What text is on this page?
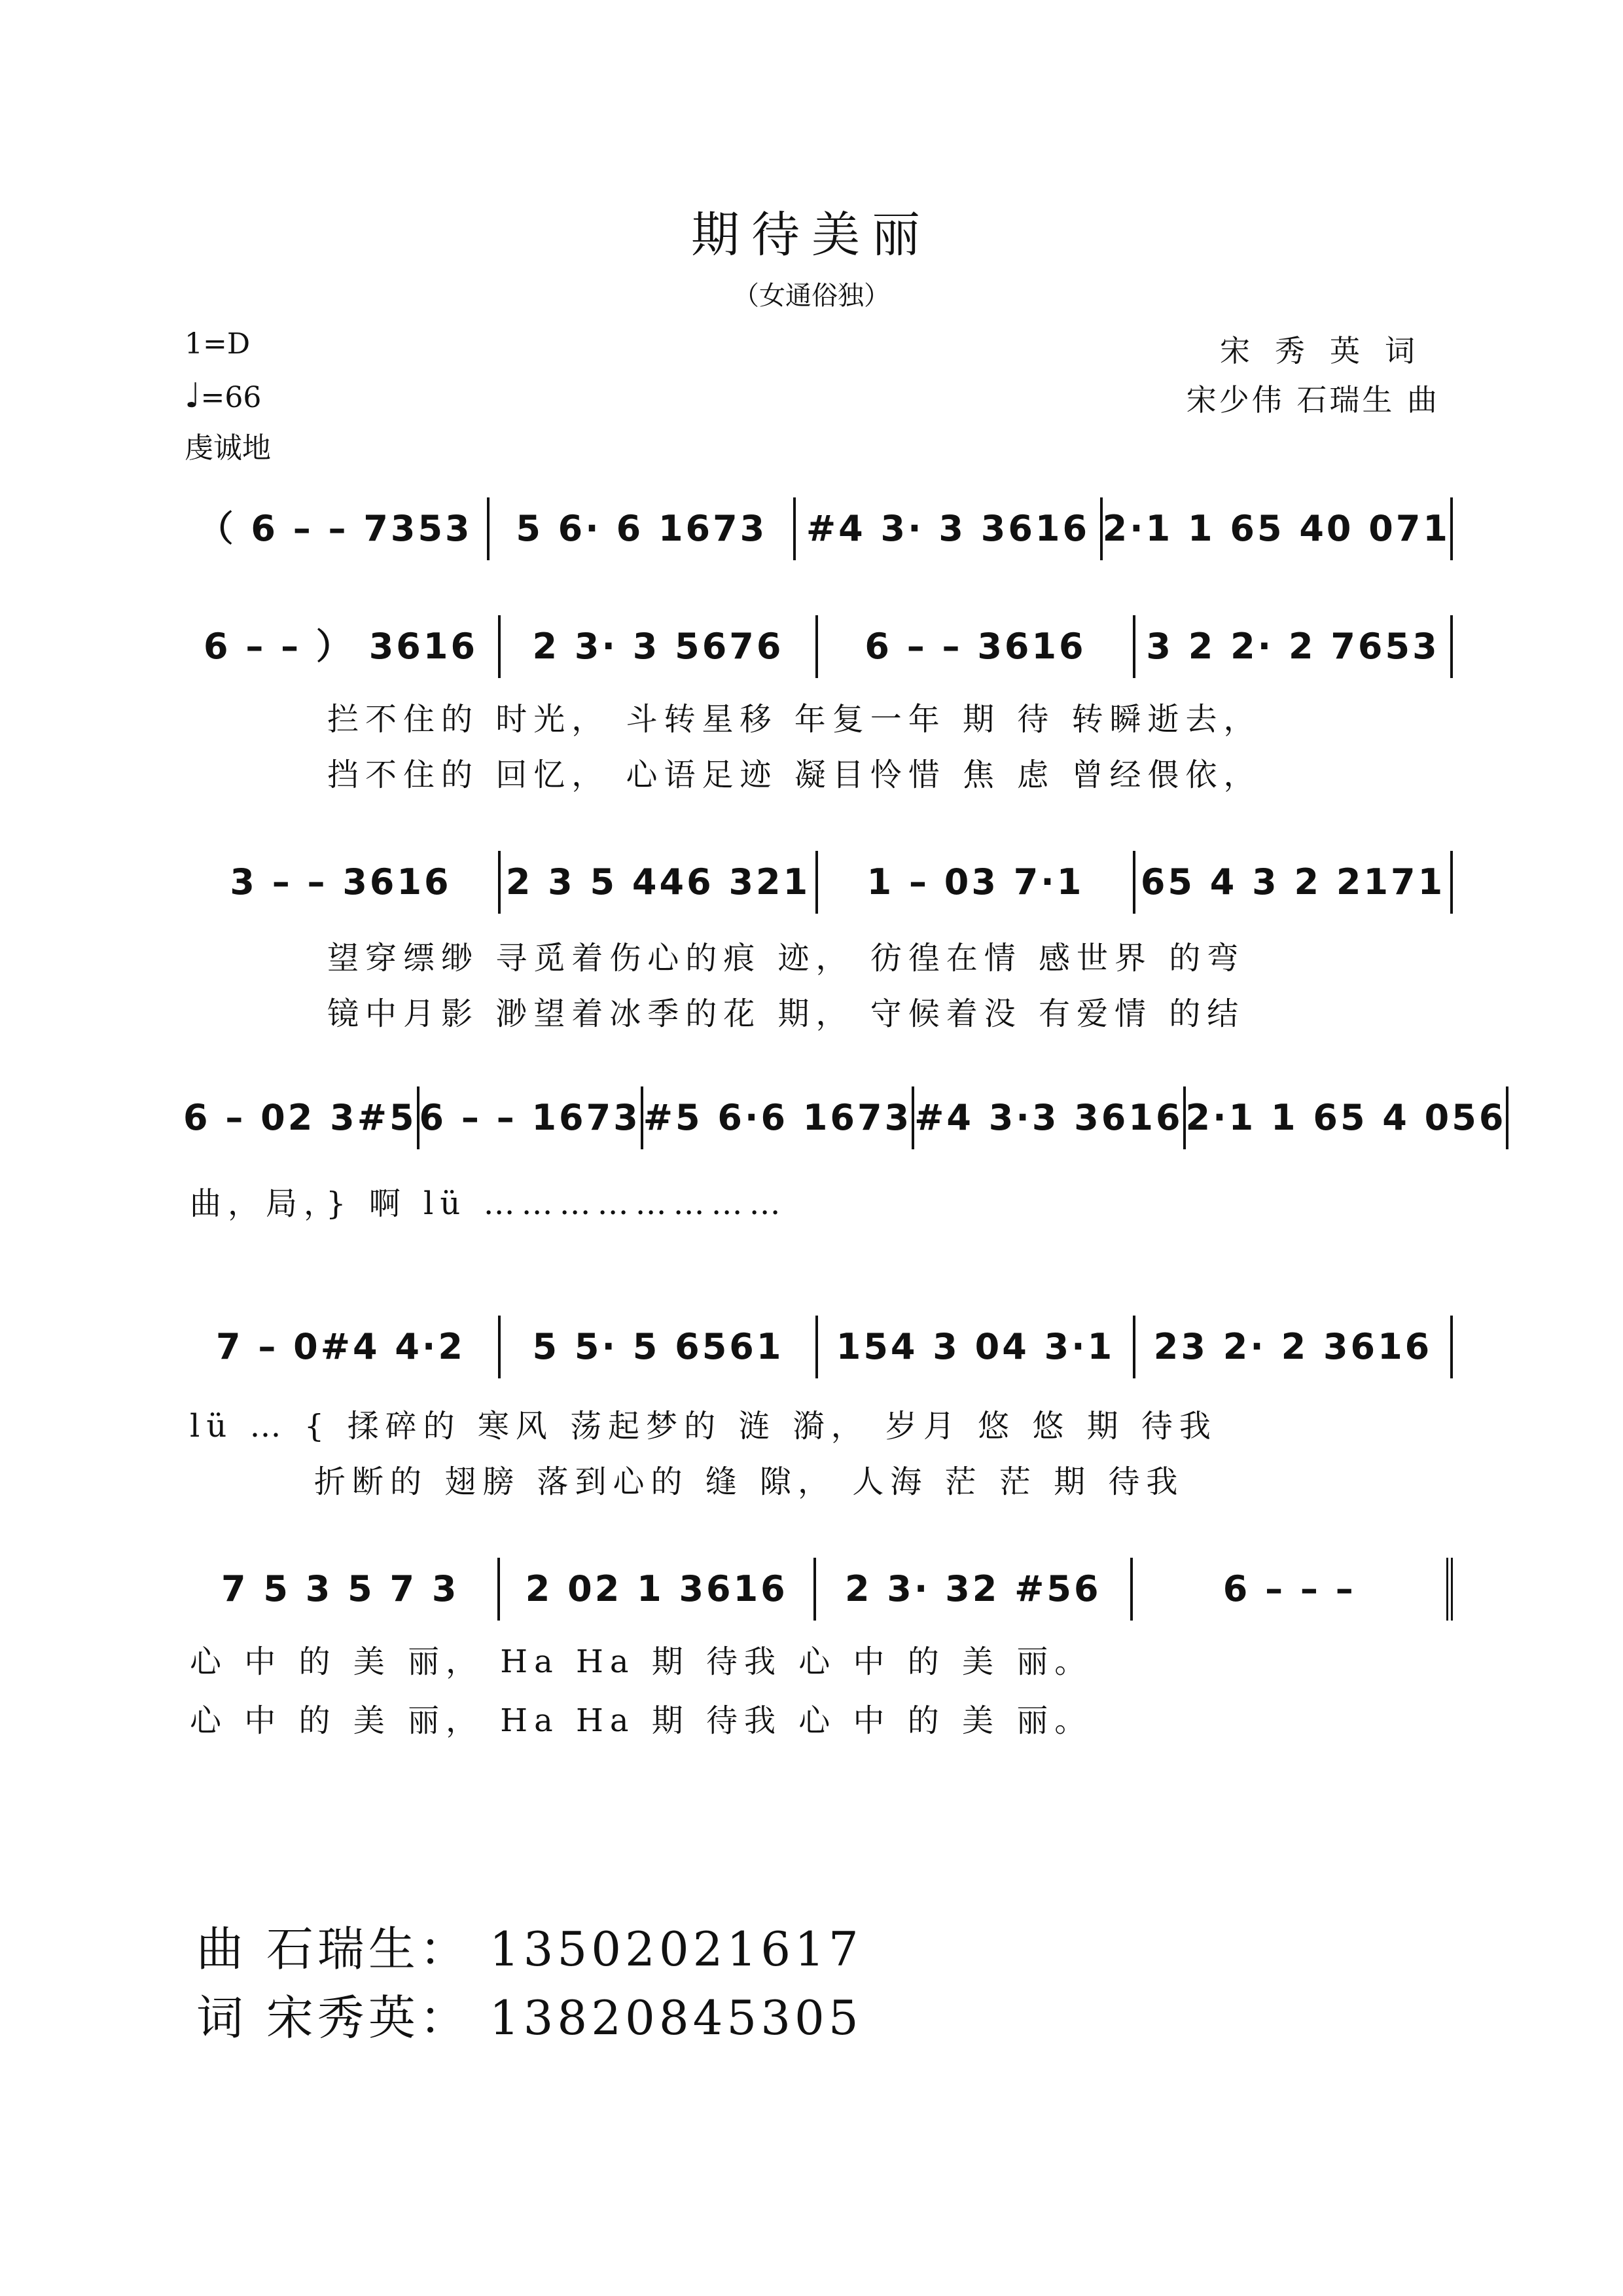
期待美丽
（女通俗独）
1=D
♩=66
虔诚地
宋秀英词
宋少伟 石瑞生 曲
（ 6 – – 7353	5 6· 6 1673	#4 3· 3 3616 2·1 1 65 40 071
6 – – ） 3616	2 3· 3 5676	6 – – 3616	3 2 2· 2 7653
拦不住的 时光， 斗转星移 年复一年 期 待 转瞬逝去，
挡不住的 回忆， 心语足迹 凝目怜惜 焦 虑 曾经偎依，
3 – – 3616	2 3 5 446 321	1 – 03 7·1	65 4 3 2 2171
望穿缥缈 寻觅着伤心的痕 迹， 彷徨在情 感世界 的弯
镜中月影 渺望着冰季的花 期， 守候着没 有爱情 的结
6 – 02 3#5 6 – – 1673 #5 6·6 1673 #4 3·3 3616 2·1 1 65 4 056
曲，局，} 啊 lü ……………………
7 – 0#4 4·2	5 5· 5 6561	154 3 04 3·1	23 2· 2 3616
lü … { 揉碎的 寒风 荡起梦的 涟 漪， 岁月 悠 悠 期 待我
折断的 翅膀 落到心的 缝 隙， 人海 茫 茫 期 待我
7 5 3 5 7 3	2 02 1 3616	2 3· 32 #56	6 – – –
心 中 的 美 丽， Ha Ha 期 待我 心 中 的 美 丽。
心 中 的 美 丽， Ha Ha 期 待我 心 中 的 美 丽。
曲 石瑞生： 13502021617
词 宋秀英： 13820845305
